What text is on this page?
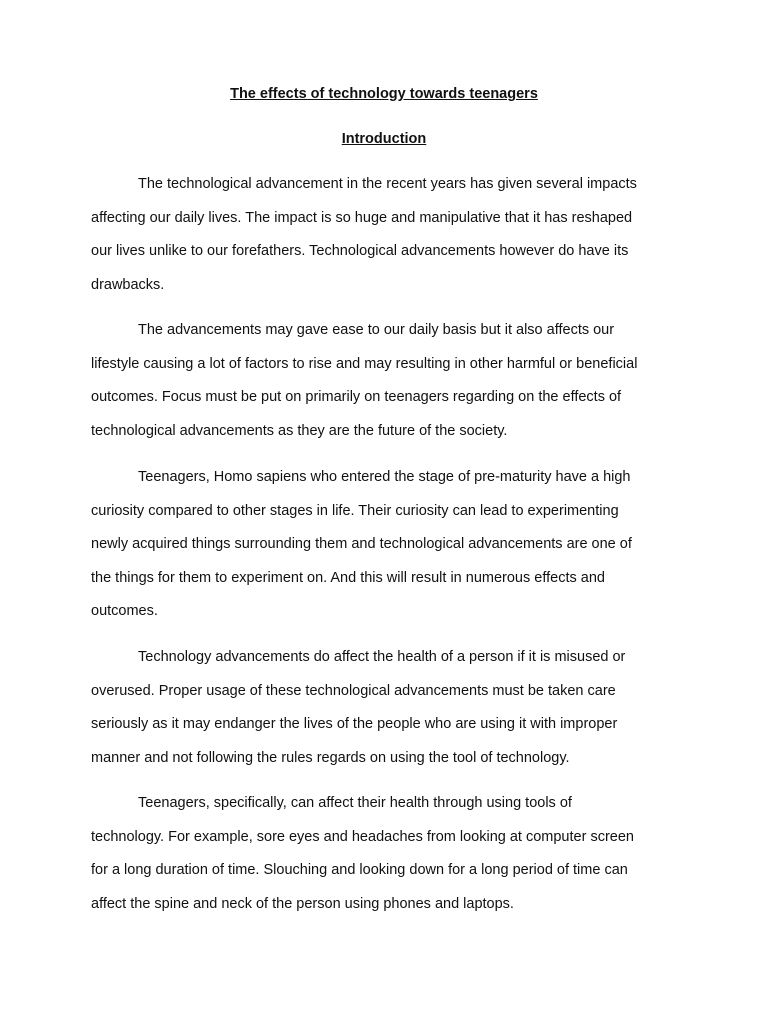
The effects of technology towards teenagers
Introduction

The technological advancement in the recent years has given several impacts
affecting our daily lives. The impact is so huge and manipulative that it has reshaped
our lives unlike to our forefathers. Technological advancements however do have its
drawbacks.

The advancements may gave ease to our daily basis but it also affects our
lifestyle causing a lot of factors to rise and may resulting in other harmful or beneficial
outcomes. Focus must be put on primarily on teenagers regarding on the effects of
technological advancements as they are the future of the society.

Teenagers, Homo sapiens who entered the stage of pre-maturity have a high
curiosity compared to other stages in life. Their curiosity can lead to experimenting
newly acquired things surrounding them and technological advancements are one of
the things for them to experiment on. And this will result in numerous effects and
outcomes.

Technology advancements do affect the health of a person if it is misused or
overused. Proper usage of these technological advancements must be taken care
seriously as it may endanger the lives of the people who are using it with improper
manner and not following the rules regards on using the tool of technology.

Teenagers, specifically, can affect their health through using tools of
technology. For example, sore eyes and headaches from looking at computer screen
for a long duration of time. Slouching and looking down for a long period of time can
affect the spine and neck of the person using phones and laptops.
